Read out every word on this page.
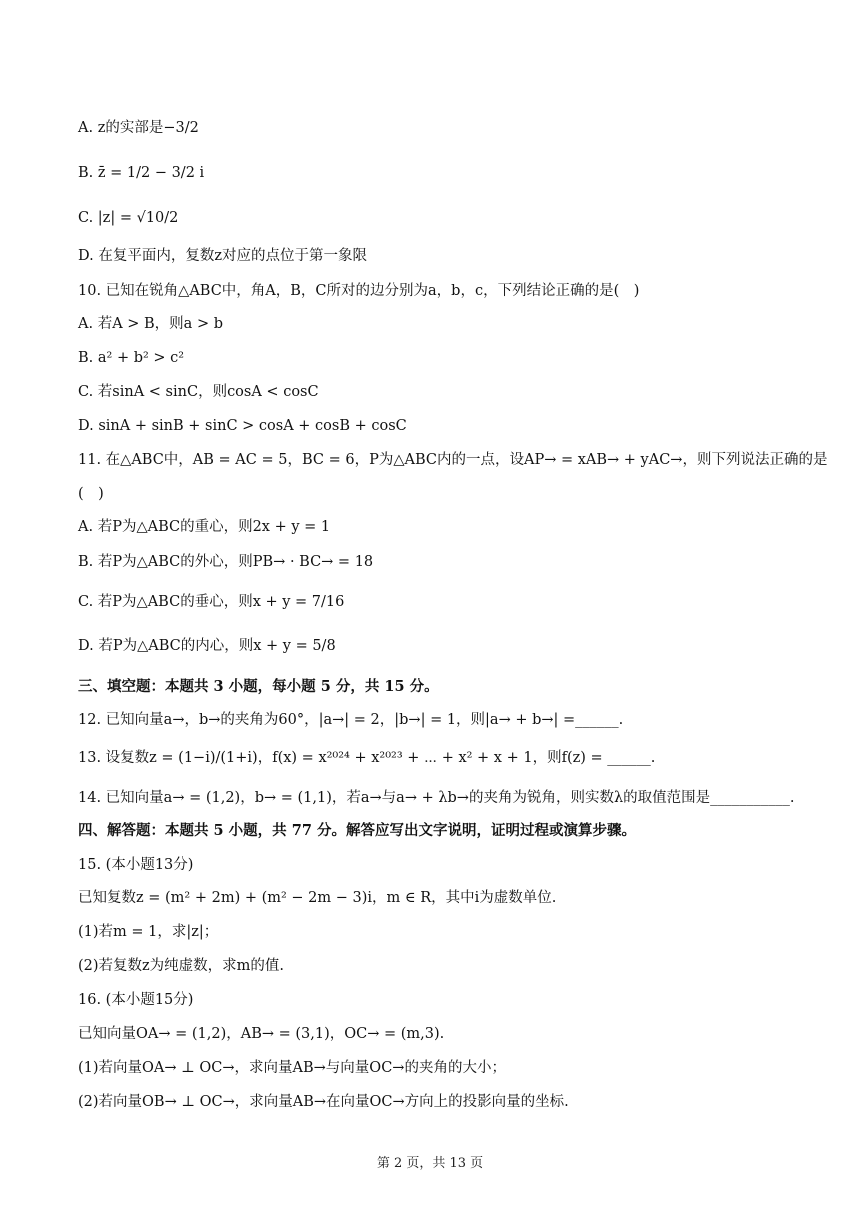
A. z的实部是−3/2
B. z̄ = 1/2 − 3/2 i
C. |z| = √10/2
D. 在复平面内，复数z对应的点位于第一象限
10. 已知在锐角△ABC中，角A，B，C所对的边分别为a，b，c，下列结论正确的是(　)
A. 若A > B，则a > b
B. a² + b² > c²
C. 若sinA < sinC，则cosA < cosC
D. sinA + sinB + sinC > cosA + cosB + cosC
11. 在△ABC中，AB = AC = 5，BC = 6，P为△ABC内的一点，设AP→ = xAB→ + yAC→，则下列说法正确的是
(　)
A. 若P为△ABC的重心，则2x + y = 1
B. 若P为△ABC的外心，则PB→ · BC→ = 18
C. 若P为△ABC的垂心，则x + y = 7/16
D. 若P为△ABC的内心，则x + y = 5/8
三、填空题：本题共 3 小题，每小题 5 分，共 15 分。
12. 已知向量a→，b→的夹角为60°，|a→| = 2，|b→| = 1，则|a→ + b→| =______.
13. 设复数z = (1−i)/(1+i)，f(x) = x²⁰²⁴ + x²⁰²³ + ⋯ + x² + x + 1，则f(z) = ______.
14. 已知向量a→ = (1,2)，b→ = (1,1)，若a→与a→ + λb→的夹角为锐角，则实数λ的取值范围是___________.
四、解答题：本题共 5 小题，共 77 分。解答应写出文字说明，证明过程或演算步骤。
15. (本小题13分)
已知复数z = (m² + 2m) + (m² − 2m − 3)i，m ∈ R，其中i为虚数单位.
(1)若m = 1，求|z|；
(2)若复数z为纯虚数，求m的值.
16. (本小题15分)
已知向量OA→ = (1,2)，AB→ = (3,1)，OC→ = (m,3).
(1)若向量OA→ ⊥ OC→，求向量AB→与向量OC→的夹角的大小；
(2)若向量OB→ ⊥ OC→，求向量AB→在向量OC→方向上的投影向量的坐标.
第 2 页，共 13 页
